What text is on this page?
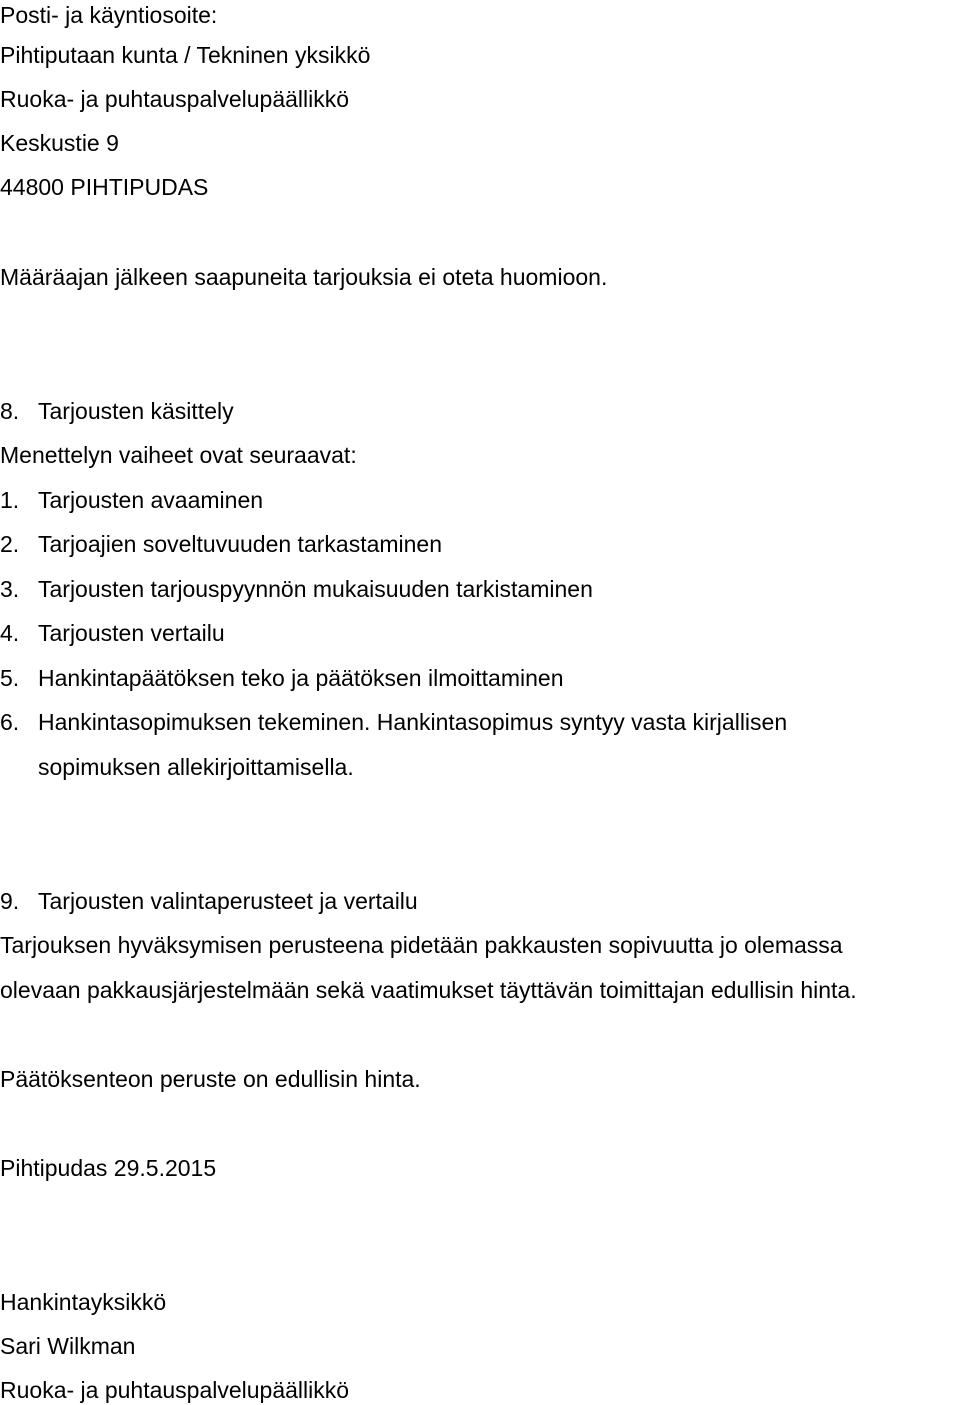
Posti- ja käyntiosoite:
Pihtiputaan kunta / Tekninen yksikkö
Ruoka- ja puhtauspalvelupäällikkö
Keskustie 9
44800 PIHTIPUDAS
Määräajan jälkeen saapuneita tarjouksia ei oteta huomioon.
8. Tarjousten käsittely
Menettelyn vaiheet ovat seuraavat:
1. Tarjousten avaaminen
2. Tarjoajien soveltuvuuden tarkastaminen
3. Tarjousten tarjouspyynnön mukaisuuden tarkistaminen
4. Tarjousten vertailu
5. Hankintapäätöksen teko ja päätöksen ilmoittaminen
6. Hankintasopimuksen tekeminen. Hankintasopimus syntyy vasta kirjallisen
sopimuksen allekirjoittamisella.
9. Tarjousten valintaperusteet ja vertailu
Tarjouksen hyväksymisen perusteena pidetään pakkausten sopivuutta jo olemassa
olevaan pakkausjärjestelmään sekä vaatimukset täyttävän toimittajan edullisin hinta.
Päätöksenteon peruste on edullisin hinta.
Pihtipudas 29.5.2015
Hankintayksikkö
Sari Wilkman
Ruoka- ja puhtauspalvelupäällikkö
